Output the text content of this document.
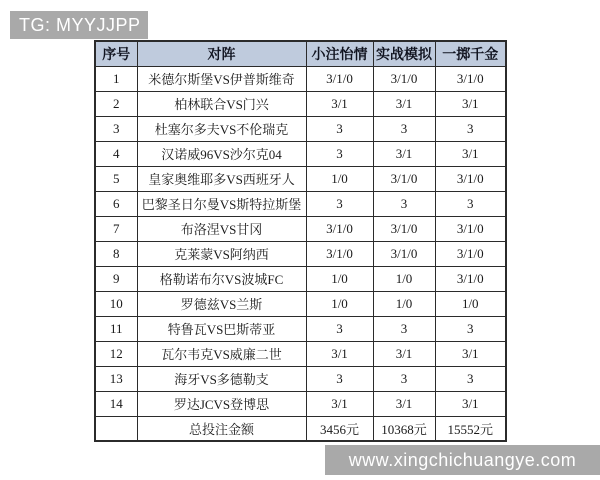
TG: MYYJJPP
序号	对阵	小注怡情	实战模拟	一掷千金
1	米德尔斯堡VS伊普斯维奇	3/1/0	3/1/0	3/1/0
2	柏林联合VS门兴	3/1	3/1	3/1
3	杜塞尔多夫VS不伦瑞克	3	3	3
4	汉诺威96VS沙尔克04	3	3/1	3/1
5	皇家奥维耶多VS西班牙人	1/0	3/1/0	3/1/0
6	巴黎圣日尔曼VS斯特拉斯堡	3	3	3
7	布洛涅VS甘冈	3/1/0	3/1/0	3/1/0
8	克莱蒙VS阿纳西	3/1/0	3/1/0	3/1/0
9	格勒诺布尔VS波城FC	1/0	1/0	3/1/0
10	罗德兹VS兰斯	1/0	1/0	1/0
11	特鲁瓦VS巴斯蒂亚	3	3	3
12	瓦尔韦克VS威廉二世	3/1	3/1	3/1
13	海牙VS多德勒支	3	3	3
14	罗达JCVS登博思	3/1	3/1	3/1
	总投注金额	3456元	10368元	15552元
www.xingchichuangye.com
